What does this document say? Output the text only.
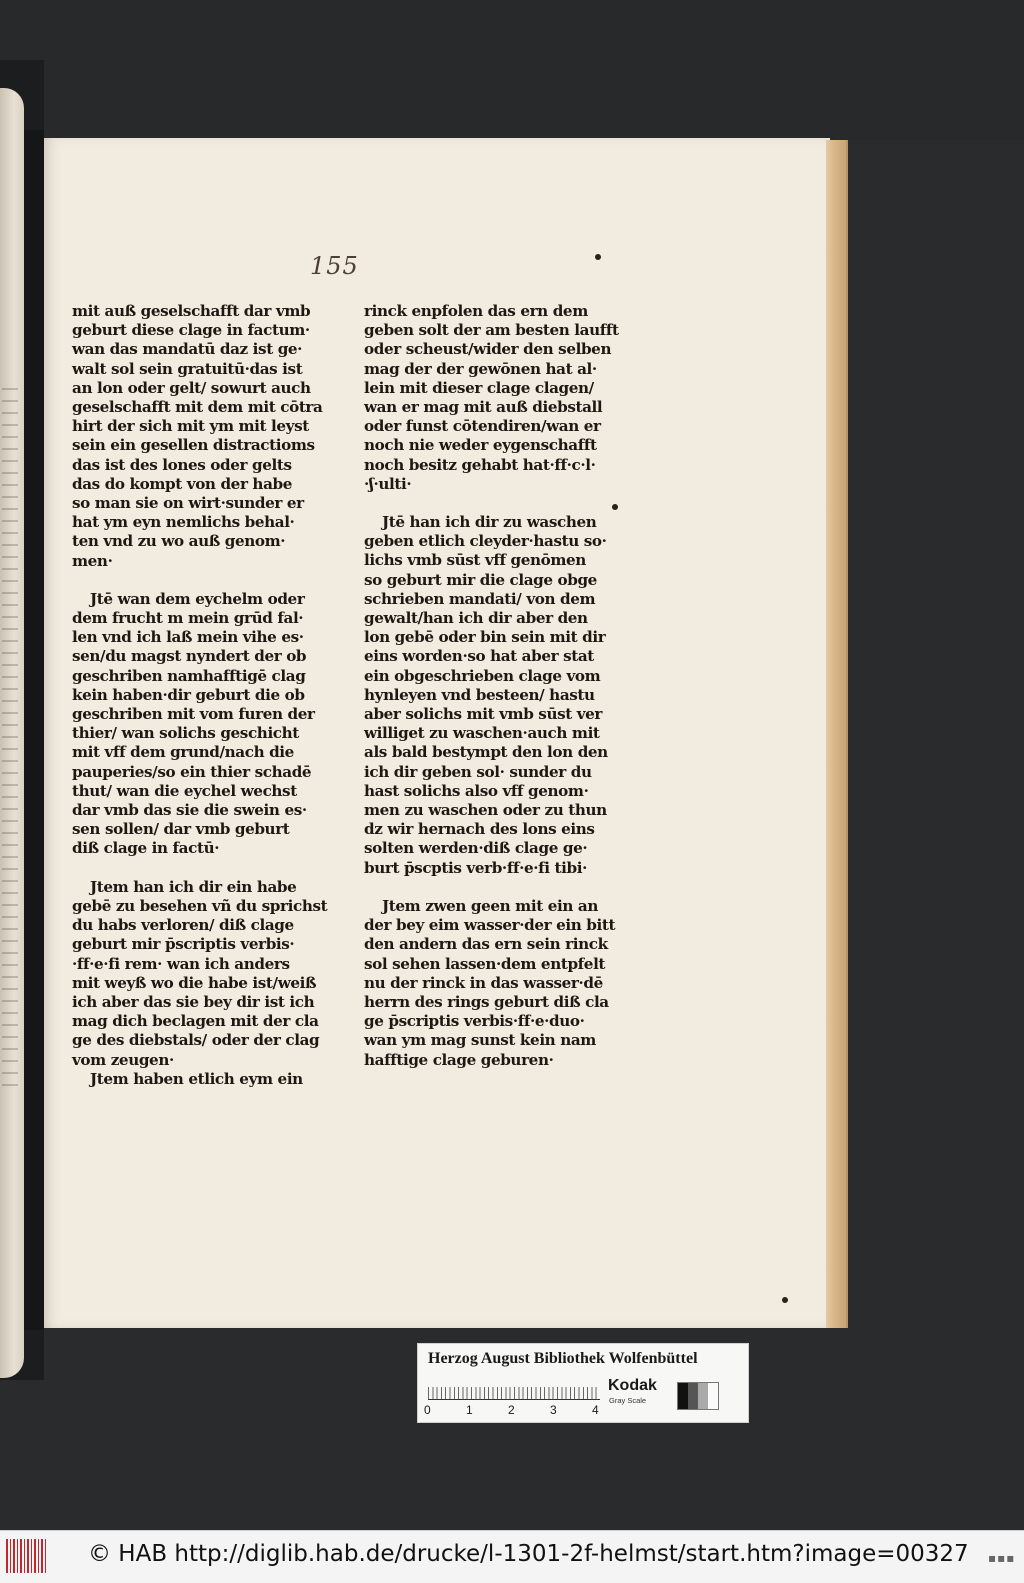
155
mit auß geselschafft dar vmb
geburt diese clage in factum·
wan das mandatū daz ist ge·
walt sol sein gratuitū·das ist
an lon oder gelt/ sowurt auch
geselschafft mit dem mit cōtra
hirt der sich mit ym mit leyst
sein ein gesellen distractioms
das ist des lones oder gelts
das do kompt von der habe
so man sie on wirt·sunder er
hat ym eyn nemlichs behal·
ten vnd zu wo auß genom·
men·
Jtē wan dem eychelm oder
dem frucht m mein grūd fal·
len vnd ich laß mein vihe es·
sen/du magst nyndert der ob
geschriben namhafftigē clag
kein haben·dir geburt die ob
geschriben mit vom furen der
thier/ wan solichs geschicht
mit vff dem grund/nach die
pauperies/so ein thier schadē
thut/ wan die eychel wechst
dar vmb das sie die swein es·
sen sollen/ dar vmb geburt
diß clage in factū·
Jtem han ich dir ein habe
gebē zu besehen vñ du sprichst
du habs verloren/ diß clage
geburt mir p̄scriptis verbis·
·ff·e·fi rem· wan ich anders
mit weyß wo die habe ist/weiß
ich aber das sie bey dir ist ich
mag dich beclagen mit der cla
ge des diebstals/ oder der clag
vom zeugen·
Jtem haben etlich eym ein
rinck enpfolen das ern dem
geben solt der am besten laufft
oder scheust/wider den selben
mag der der gewōnen hat al·
lein mit dieser clage clagen/
wan er mag mit auß diebstall
oder funst cōtendiren/wan er
noch nie weder eygenschafft
noch besitz gehabt hat·ff·c·l·
·ʃ·ulti·
Jtē han ich dir zu waschen
geben etlich cleyder·hastu so·
lichs vmb sūst vff genōmen
so geburt mir die clage obge
schrieben mandati/ von dem
gewalt/han ich dir aber den
lon gebē oder bin sein mit dir
eins worden·so hat aber stat
ein obgeschrieben clage vom
hynleyen vnd besteen/ hastu
aber solichs mit vmb sūst ver
williget zu waschen·auch mit
als bald bestympt den lon den
ich dir geben sol· sunder du
hast solichs also vff genom·
men zu waschen oder zu thun
dz wir hernach des lons eins
solten werden·diß clage ge·
burt p̄scptis verb·ff·e·fi tibi·
Jtem zwen geen mit ein an
der bey eim wasser·der ein bitt
den andern das ern sein rinck
sol sehen lassen·dem entpfelt
nu der rinck in das wasser·dē
herrn des rings geburt diß cla
ge p̄scriptis verbis·ff·e·duo·
wan ym mag sunst kein nam
hafftige clage geburen·
Herzog August Bibliothek Wolfenbüttel
0	1	2	3	4
Kodak
Gray Scale
© HAB http://diglib.hab.de/drucke/l-1301-2f-helmst/start.htm?image=00327 ▪▪▪
